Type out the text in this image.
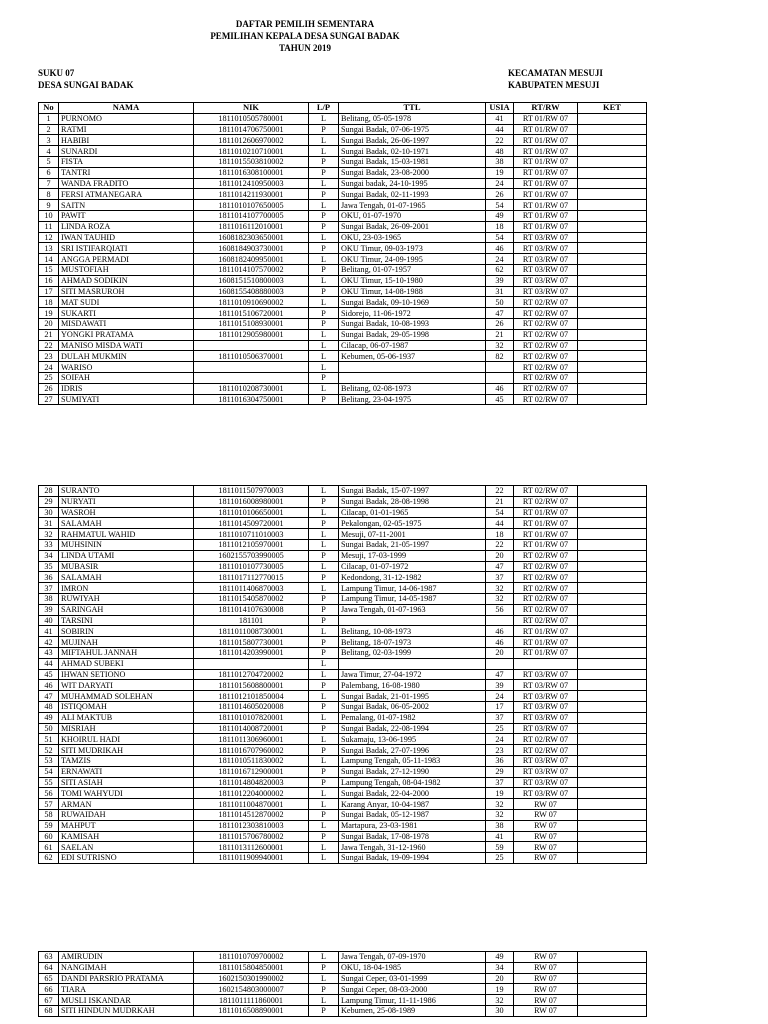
DAFTAR PEMILIH SEMENTARA
PEMILIHAN KEPALA DESA SUNGAI BADAK
TAHUN 2019
SUKU 07
DESA SUNGAI BADAK
KECAMATAN MESUJI
KABUPATEN MESUJI
No	NAMA	NIK	L/P	TTL	USIA	RT/RW	KET
1	PURNOMO	1811010505780001	L	Belitang, 05-05-1978	41	RT 01/RW 07	
2	RATMI	1811014706750001	P	Sungai Badak, 07-06-1975	44	RT 01/RW 07	
3	HABIBI	1811012606970002	L	Sungai Badak, 26-06-1997	22	RT 01/RW 07	
4	SUNARDI	1811010210710001	L	Sungai Badak, 02-10-1971	48	RT 01/RW 07	
5	FISTA	1811015503810002	P	Sungai Badak, 15-03-1981	38	RT 01/RW 07	
6	TANTRI	1811016308100001	P	Sungai Badak, 23-08-2000	19	RT 01/RW 07	
7	WANDA FRADITO	1811012410950003	L	Sungai badak, 24-10-1995	24	RT 01/RW 07	
8	FERSI ATMANEGARA	1811014211930001	P	Sungai Badak, 02-11-1993	26	RT 01/RW 07	
9	SAITN	1811010107650005	L	Jawa Tengah, 01-07-1965	54	RT 01/RW 07	
10	PAWIT	1811014107700005	P	OKU, 01-07-1970	49	RT 01/RW 07	
11	LINDA ROZA	1811016112010001	P	Sungai Badak, 26-09-2001	18	RT 01/RW 07	
12	IWAN TAUHID	1608182303650001	L	OKU, 23-03-1965	54	RT 03/RW 07	
13	SRI ISTIFARQIATI	1608184903730001	P	OKU Timur, 09-03-1973	46	RT 03/RW 07	
14	ANGGA PERMADI	1608182409950001	L	OKU Timur, 24-09-1995	24	RT 03/RW 07	
15	MUSTOFIAH	1811014107570002	P	Belitang, 01-07-1957	62	RT 03/RW 07	
16	AHMAD SODIKIN	1608151510800003	L	OKU Timur, 15-10-1980	39	RT 03/RW 07	
17	SITI MASRUROH	1608155408880003	P	OKU Timur, 14-08-1988	31	RT 03/RW 07	
18	MAT SUDI	1811010910690002	L	Sungai Badak, 09-10-1969	50	RT 02/RW 07	
19	SUKARTI	1811015106720001	P	Sidorejo, 11-06-1972	47	RT 02/RW 07	
20	MISDAWATI	1811015108930001	P	Sungai Badak, 10-08-1993	26	RT 02/RW 07	
21	YONGKI PRATAMA	1811012905980001	L	Sungai Badak, 29-05-1998	21	RT 02/RW 07	
22	MANISO MISDA WATI		L	Cilacap, 06-07-1987	32	RT 02/RW 07	
23	DULAH MUKMIN	1811010506370001	L	Kebumen, 05-06-1937	82	RT 02/RW 07	
24	WARISO		L			RT 02/RW 07	
25	SOIFAH		P			RT 02/RW 07	
26	IDRIS	1811010208730001	L	Belitang, 02-08-1973	46	RT 02/RW 07	
27	SUMIYATI	1811016304750001	P	Belitang, 23-04-1975	45	RT 02/RW 07	
28	SURANTO	1811011507970003	L	Sungai Badak, 15-07-1997	22	RT 02/RW 07	
29	NURYATI	1811016008980001	P	Sungai Badak, 28-08-1998	21	RT 02/RW 07	
30	WASROH	1811010106650001	L	Cilacap, 01-01-1965	54	RT 01/RW 07	
31	SALAMAH	1811014509720001	P	Pekalongan, 02-05-1975	44	RT 01/RW 07	
32	RAHMATUL WAHID	1811010711010003	L	Mesuji, 07-11-2001	18	RT 01/RW 07	
33	MUHSININ	1811012105970001	L	Sungai Badak, 21-05-1997	22	RT 01/RW 07	
34	LINDA UTAMI	1602155703990005	P	Mesuji, 17-03-1999	20	RT 02/RW 07	
35	MUBASIR	1811010107730005	L	Cilacap, 01-07-1972	47	RT 02/RW 07	
36	SALAMAH	1811017112770015	P	Kedondong, 31-12-1982	37	RT 02/RW 07	
37	IMRON	1811011406870003	L	Lampung Timur, 14-06-1987	32	RT 02/RW 07	
38	RUWIYAH	1811015405870002	P	Lampung Timur, 14-05-1987	32	RT 02/RW 07	
39	SARINGAH	1811014107630008	P	Jawa Tengah, 01-07-1963	56	RT 02/RW 07	
40	TARSINI	181101	P			RT 02/RW 07	
41	SOBIRIN	1811011008730001	L	Belitang, 10-08-1973	46	RT 01/RW 07	
42	MUJINAH	1811015807730001	P	Belitang, 18-07-1973	46	RT 01/RW 07	
43	MIFTAHUL JANNAH	1811014203990001	P	Belitang, 02-03-1999	20	RT 01/RW 07	
44	AHMAD SUBEKI		L				
45	IHWAN SETIONO	1811012704720002	L	Jawa Timur, 27-04-1972	47	RT 03/RW 07	
46	WIT DARYATI	1811015608800001	P	Palembang, 16-08-1980	39	RT 03/RW 07	
47	MUHAMMAD SOLEHAN	1811012101850004	L	Sungai Badak, 21-01-1995	24	RT 03/RW 07	
48	ISTIQOMAH	1811014605020008	P	Sungai Badak, 06-05-2002	17	RT 03/RW 07	
49	ALI MAKTUB	1811010107820001	L	Pemalang, 01-07-1982	37	RT 03/RW 07	
50	MISRIAH	1811014008720001	P	Sungai Badak, 22-08-1994	25	RT 03/RW 07	
51	KHOIRUL HADI	1811011306960001	L	Sukamaju, 13-06-1995	24	RT 02/RW 07	
52	SITI MUDRIKAH	1811016707960002	P	Sungai Badak, 27-07-1996	23	RT 02/RW 07	
53	TAMZIS	1811010511830002	L	Lampung Tengah, 05-11-1983	36	RT 03/RW 07	
54	ERNAWATI	1811016712900001	P	Sungai Badak, 27-12-1990	29	RT 03/RW 07	
55	SITI ASIAH	1811014804820003	P	Lampung Tengah, 08-04-1982	37	RT 03/RW 07	
56	TOMI WAHYUDI	1811012204000002	L	Sungai Badak, 22-04-2000	19	RT 03/RW 07	
57	ARMAN	1811011004870001	L	Karang Anyar, 10-04-1987	32	RW 07	
58	RUWAIDAH	1811014512870002	P	Sungai Badak, 05-12-1987	32	RW 07	
59	MAHPUT	1811012303810003	L	Martapura, 23-03-1981	38	RW 07	
60	KAMISAH	1811015706780002	P	Sungai Badak, 17-08-1978	41	RW 07	
61	SAELAN	1811013112600001	L	Jawa Tengah, 31-12-1960	59	RW 07	
62	EDI SUTRISNO	1811011909940001	L	Sungai Badak, 19-09-1994	25	RW 07	
63	AMIRUDIN	1811010709700002	L	Jawa Tengah, 07-09-1970	49	RW 07	
64	NANGIMAH	1811015804850001	P	OKU, 18-04-1985	34	RW 07	
65	DANDI PARSRIO PRATAMA	1602150301990002	L	Sungai Ceper, 03-01-1999	20	RW 07	
66	TIARA	1602154803000007	P	Sungai Ceper, 08-03-2000	19	RW 07	
67	MUSLI ISKANDAR	1811011111860001	L	Lampung Timur, 11-11-1986	32	RW 07	
68	SITI HINDUN MUDRKAH	1811016508890001	P	Kebumen, 25-08-1989	30	RW 07	
